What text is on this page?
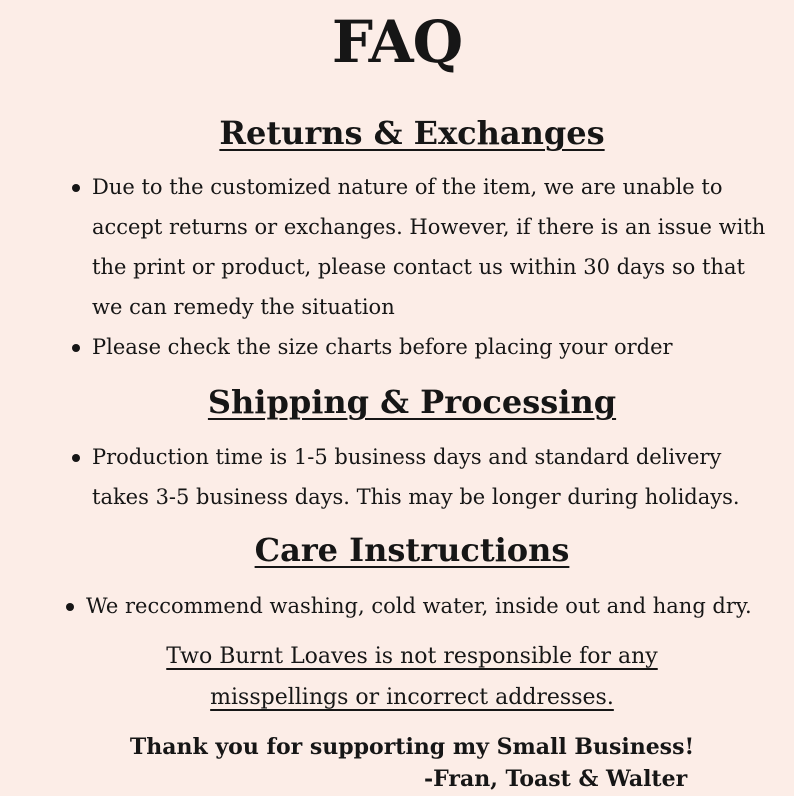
FAQ
Returns & Exchanges
Due to the customized nature of the item, we are unable to accept returns or exchanges. However, if there is an issue with the print or product, please contact us within 30 days so that we can remedy the situation
Please check the size charts before placing your order
Shipping & Processing
Production time is 1-5 business days and standard delivery takes 3-5 business days. This may be longer during holidays.
Care Instructions
We reccommend washing, cold water, inside out and hang dry.
Two Burnt Loaves is not responsible for any
misspellings or incorrect addresses.
Thank you for supporting my Small Business!
-Fran, Toast & Walter
